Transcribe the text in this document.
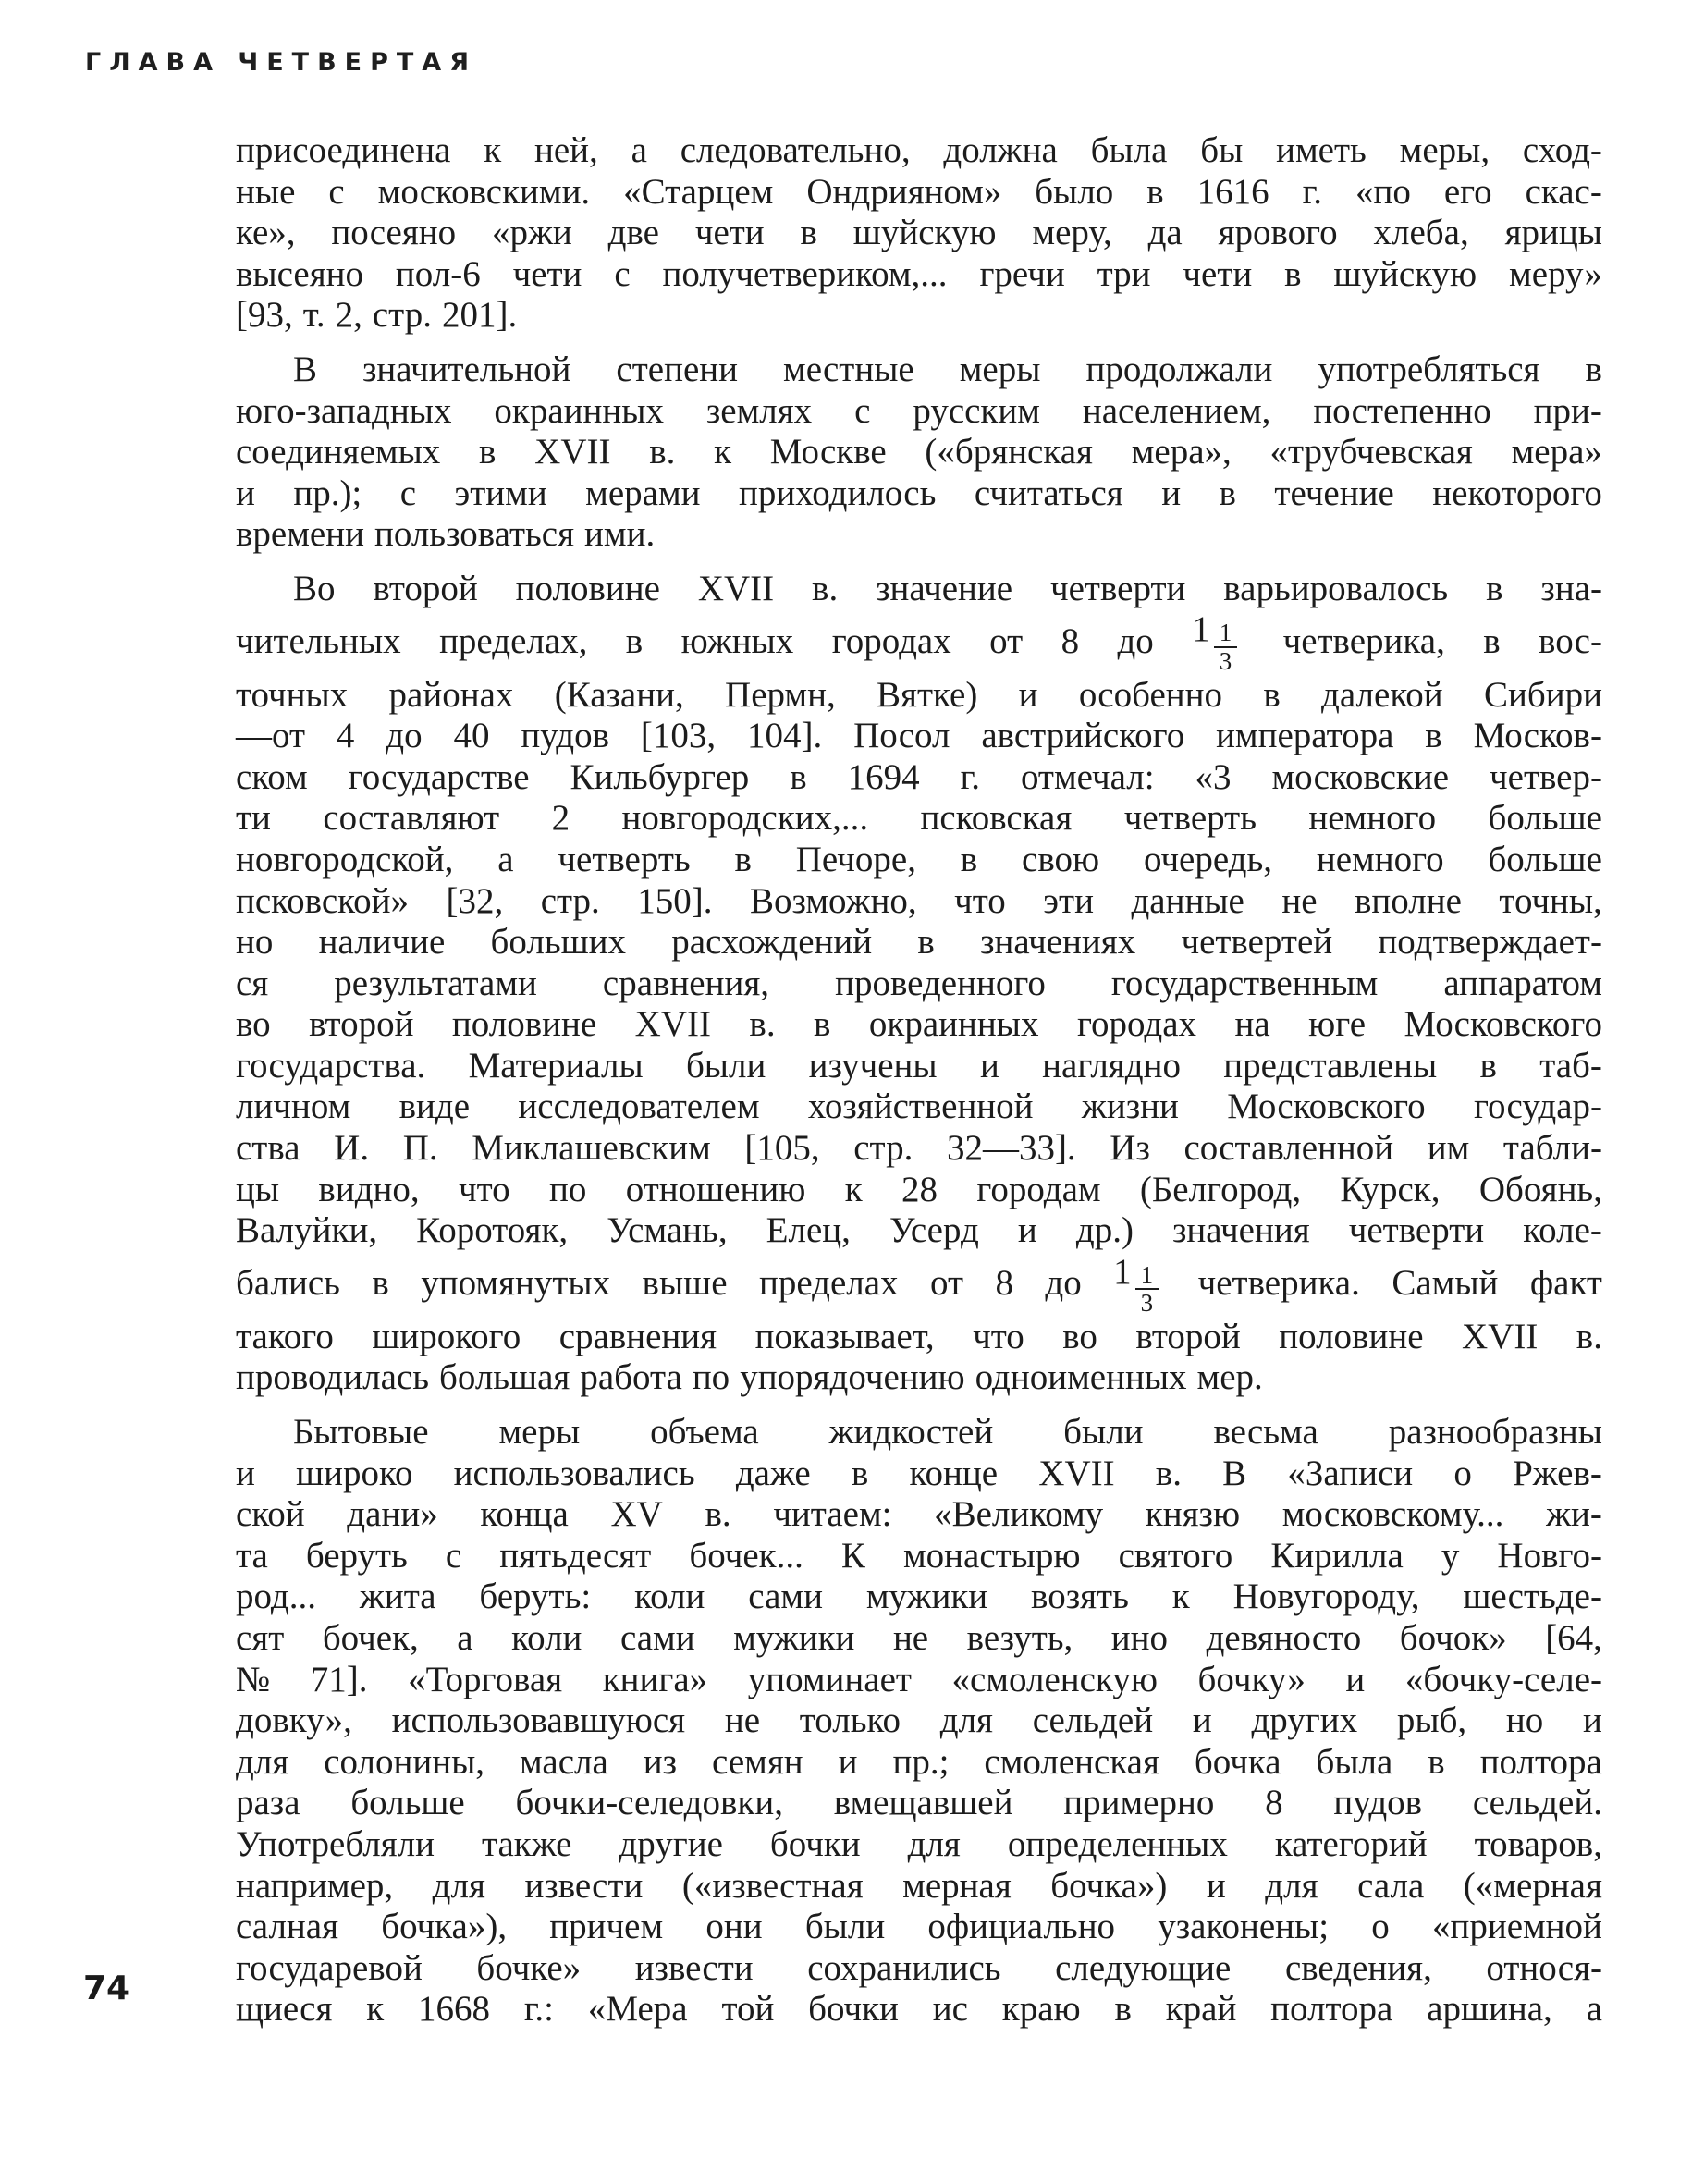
ГЛАВА ЧЕТВЕРТАЯ
присоединена к ней, а следовательно, должна была бы иметь меры, сход-
ные с московскими. «Старцем Ондрияном» было в 1616 г. «по его скас-
ке», посеяно «ржи две чети в шуйскую меру, да ярового хлеба, ярицы
высеяно пол-6 чети с получетвериком,... гречи три чети в шуйскую меру»
[93, т. 2, стр. 201].
В значительной степени местные меры продолжали употребляться в
юго-западных окраинных землях с русским населением, постепенно при-
соединяемых в XVII в. к Москве («брянская мера», «трубчевская мера»
и пр.); с этими мерами приходилось считаться и в течение некоторого
времени пользоваться ими.
Во второй половине XVII в. значение четверти варьировалось в зна-
чительных пределах, в южных городах от 8 до $1 \frac{1}{3}$ четверика, в вос-
точных районах (Казани, Пермн, Вятке) и особенно в далекой Сибири
—от 4 до 40 пудов [103, 104]. Посол австрийского императора в Москов-
ском государстве Кильбургер в 1694 г. отмечал: «3 московские четвер-
ти составляют 2 новгородских,... псковская четверть немного больше
новгородской, а четверть в Печоре, в свою очередь, немного больше
псковской» [32, стр. 150]. Возможно, что эти данные не вполне точны,
но наличие больших расхождений в значениях четвертей подтверждает-
ся результатами сравнения, проведенного государственным аппаратом
во второй половине XVII в. в окраинных городах на юге Московского
государства. Материалы были изучены и наглядно представлены в таб-
личном виде исследователем хозяйственной жизни Московского государ-
ства И. П. Миклашевским [105, стр. 32—33]. Из составленной им табли-
цы видно, что по отношению к 28 городам (Белгород, Курск, Обоянь,
Валуйки, Коротояк, Усмань, Елец, Усерд и др.) значения четверти коле-
бались в упомянутых выше пределах от 8 до $1 \frac{1}{3}$ четверика. Самый факт
такого широкого сравнения показывает, что во второй половине XVII в.
проводилась большая работа по упорядочению одноименных мер.
Бытовые меры объема жидкостей были весьма разнообразны
и широко использовались даже в конце XVII в. В «Записи о Ржев-
ской дани» конца XV в. читаем: «Великому князю московскому... жи-
та беруть с пятьдесят бочек... К монастырю святого Кирилла у Новго-
род... жита беруть: коли сами мужики возять к Новугороду, шестьде-
сят бочек, а коли сами мужики не везуть, ино девяносто бочок» [64,
№ 71]. «Торговая книга» упоминает «смоленскую бочку» и «бочку-селе-
довку», использовавшуюся не только для сельдей и других рыб, но и
для солонины, масла из семян и пр.; смоленская бочка была в полтора
раза больше бочки-селедовки, вмещавшей примерно 8 пудов сельдей.
Употребляли также другие бочки для определенных категорий товаров,
например, для извести («известная мерная бочка») и для сала («мерная
салная бочка»), причем они были официально узаконены; о «приемной
государевой бочке» извести сохранились следующие сведения, относя-
щиеся к 1668 г.: «Мера той бочки ис краю в край полтора аршина, а
74
